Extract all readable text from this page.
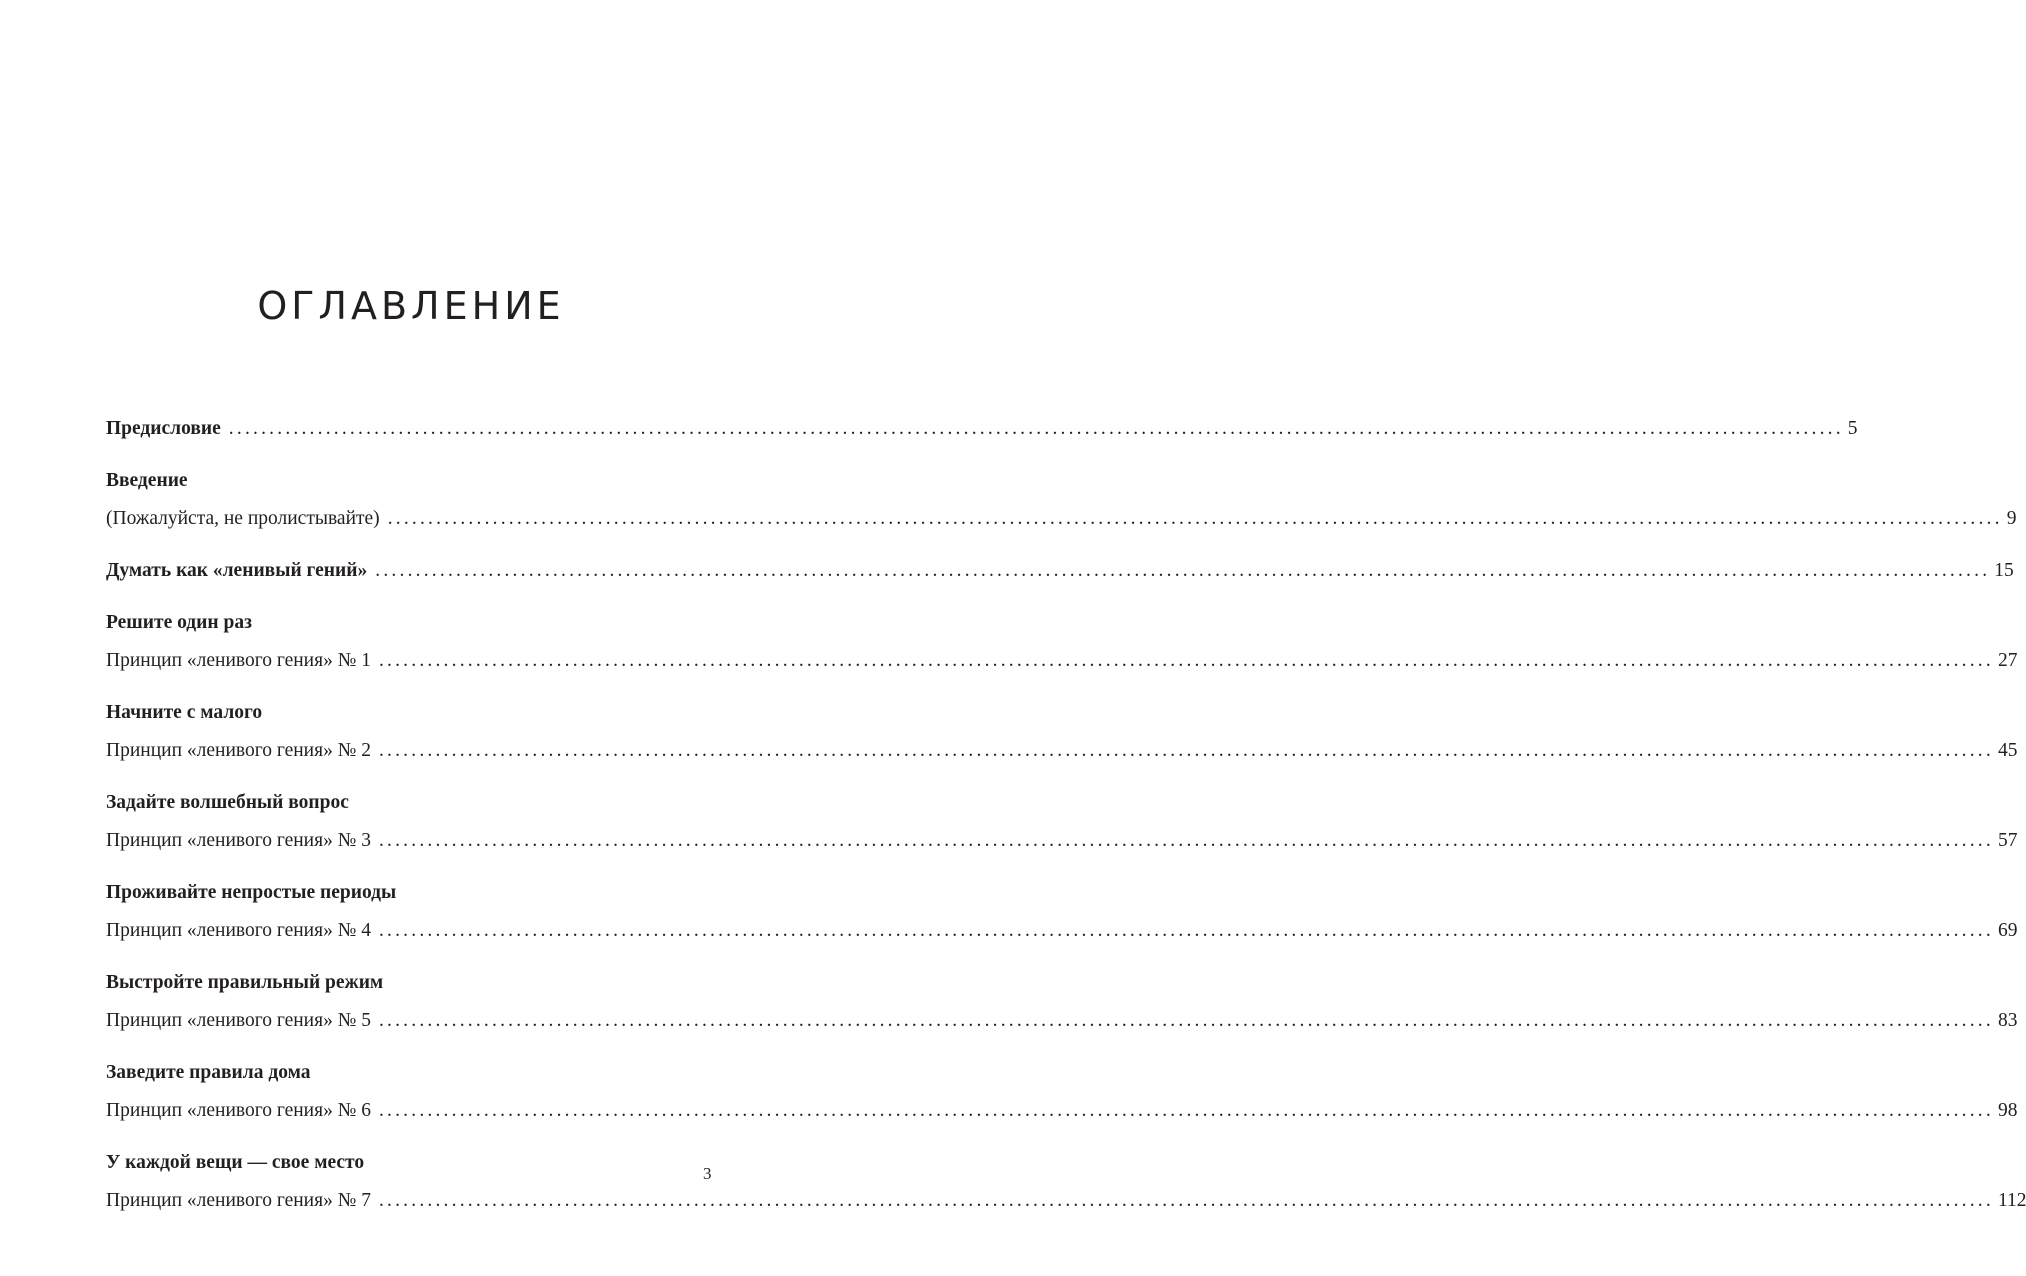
ОГЛАВЛЕНИЕ
Предисловие ........................................................................................................................................................................................................ 5
Введение
(Пожалуйста, не пролистывайте) ........................................................................................................................................................................................................ 9
Думать как «ленивый гений» ........................................................................................................................................................................................................ 15
Решите один раз
Принцип «ленивого гения» № 1 ........................................................................................................................................................................................................ 27
Начните с малого
Принцип «ленивого гения» № 2 ........................................................................................................................................................................................................ 45
Задайте волшебный вопрос
Принцип «ленивого гения» № 3 ........................................................................................................................................................................................................ 57
Проживайте непростые периоды
Принцип «ленивого гения» № 4 ........................................................................................................................................................................................................ 69
Выстройте правильный режим
Принцип «ленивого гения» № 5 ........................................................................................................................................................................................................ 83
Заведите правила дома
Принцип «ленивого гения» № 6 ........................................................................................................................................................................................................ 98
У каждой вещи — свое место
Принцип «ленивого гения» № 7 ........................................................................................................................................................................................................ 112
3
